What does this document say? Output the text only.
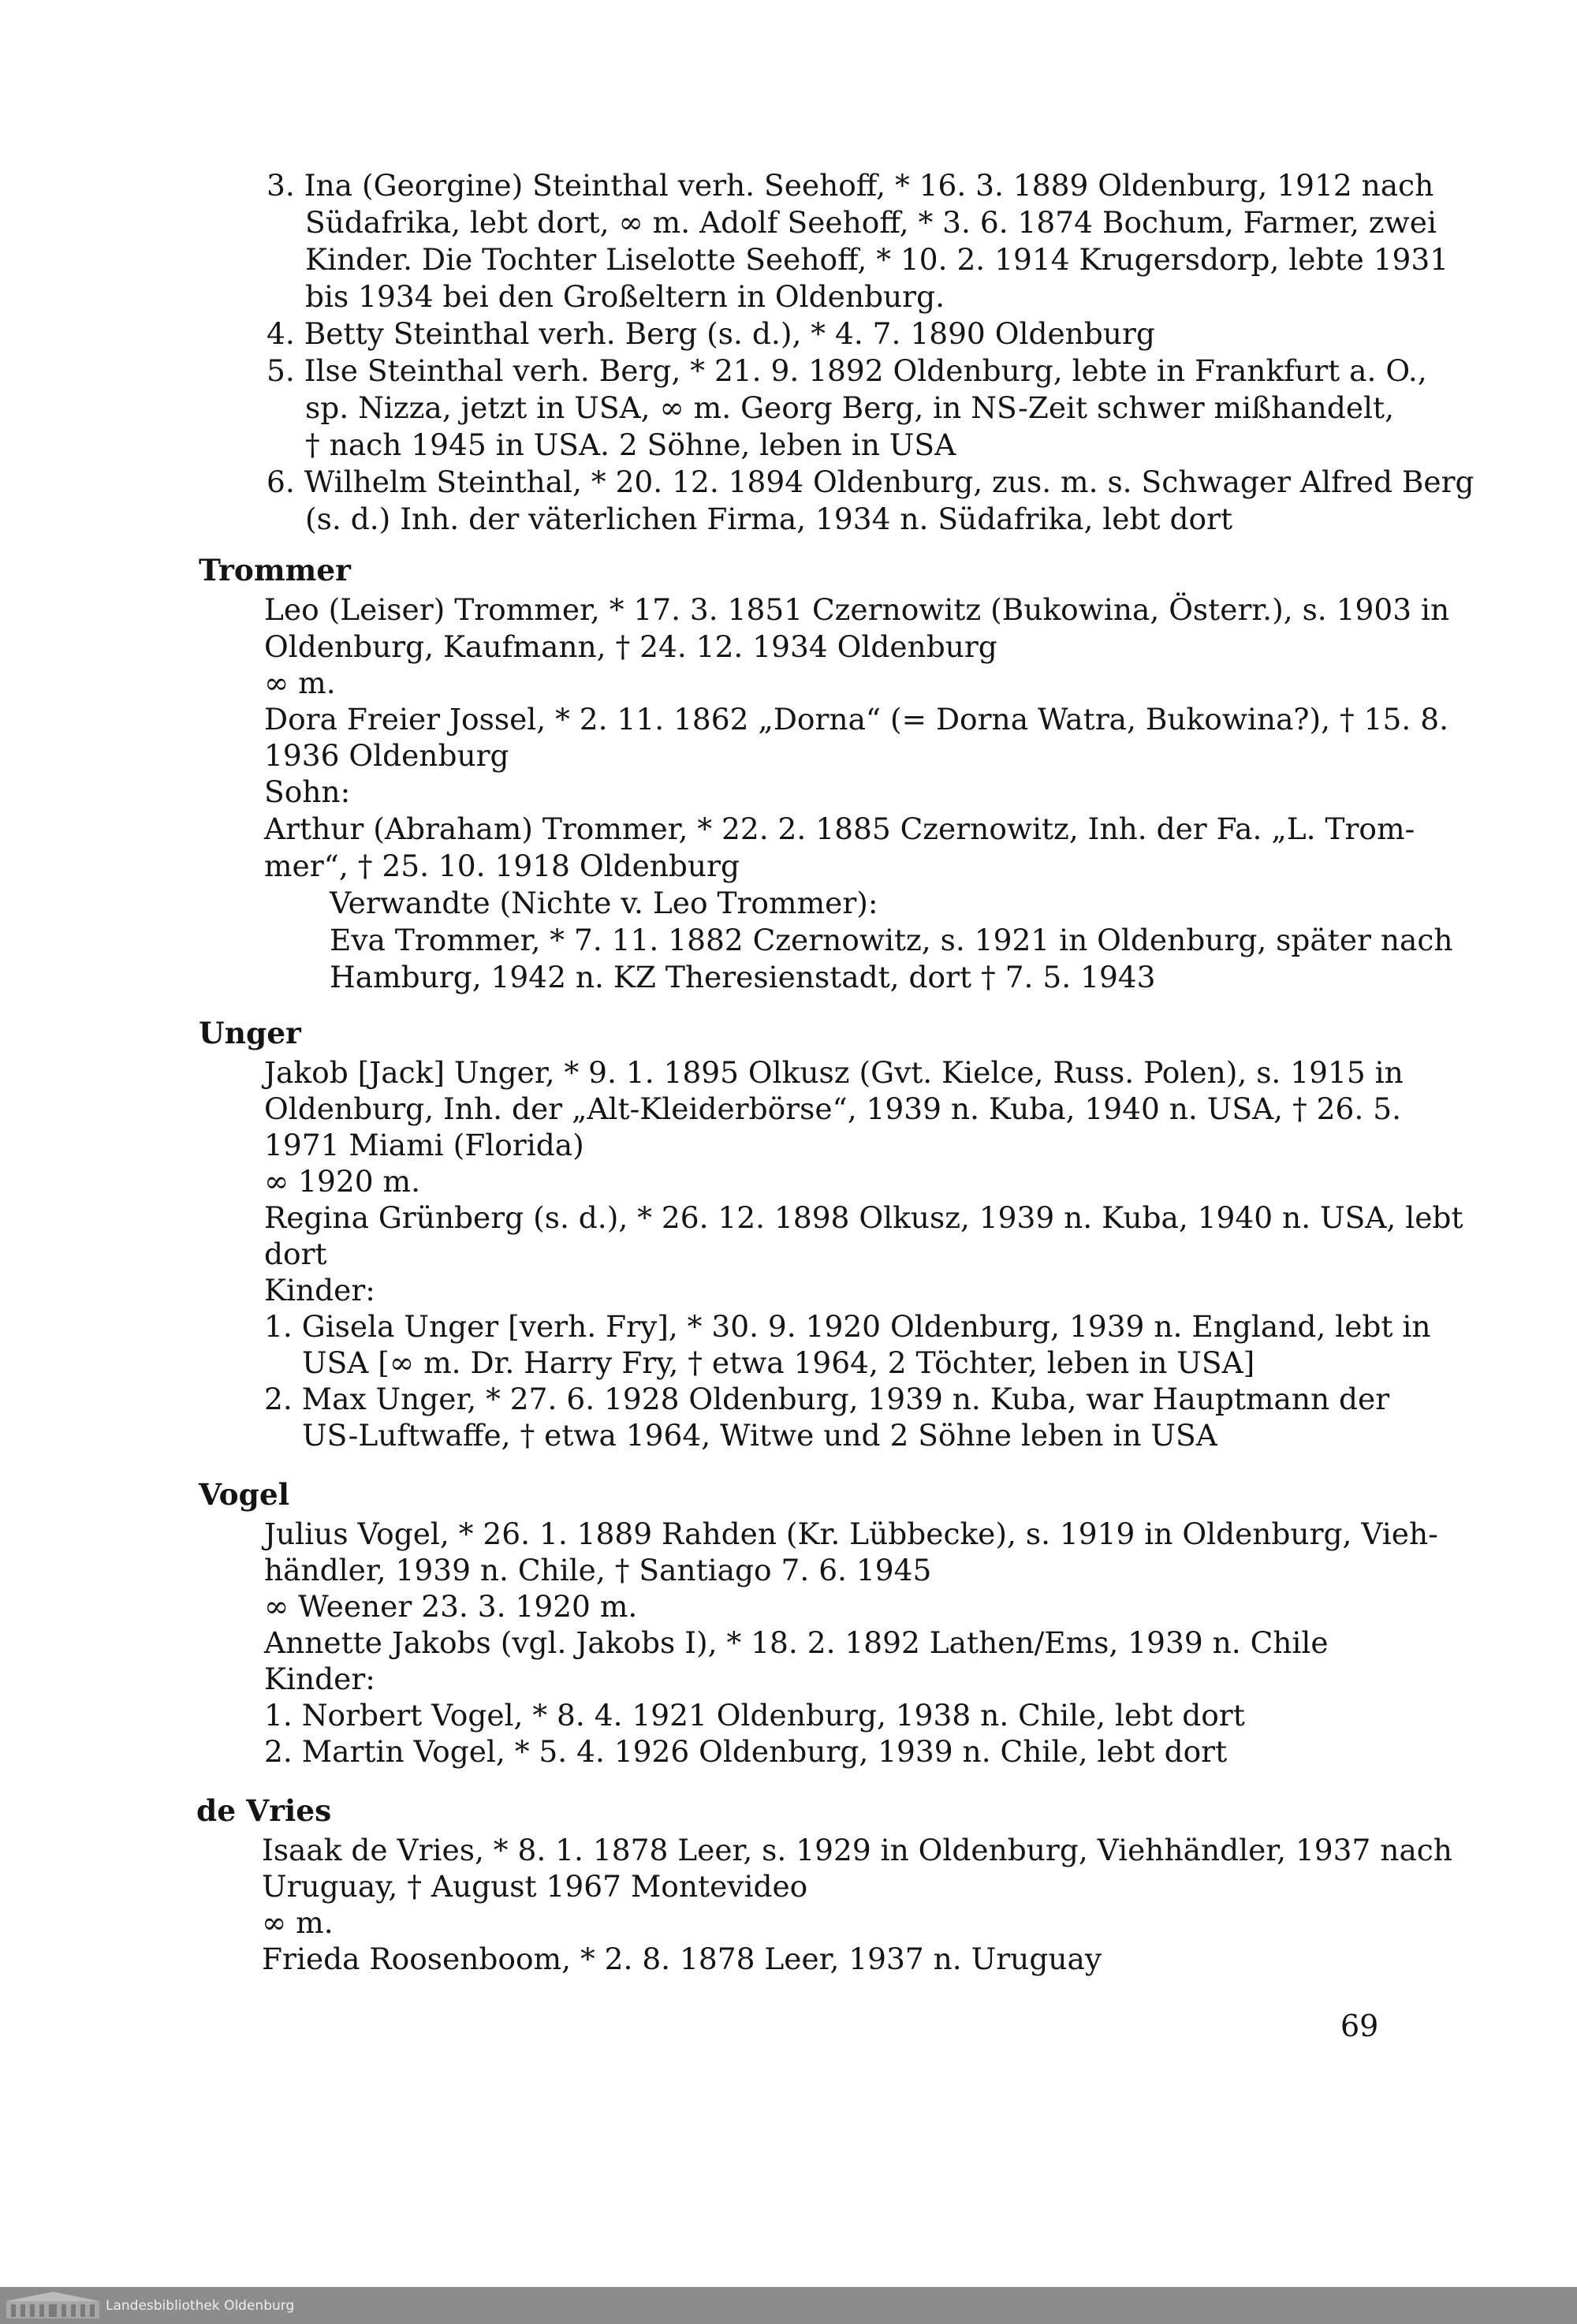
3. Ina (Georgine) Steinthal verh. Seehoff, * 16. 3. 1889 Oldenburg, 1912 nach
Südafrika, lebt dort, ∞ m. Adolf Seehoff, * 3. 6. 1874 Bochum, Farmer, zwei
Kinder. Die Tochter Liselotte Seehoff, * 10. 2. 1914 Krugersdorp, lebte 1931
bis 1934 bei den Großeltern in Oldenburg.
4. Betty Steinthal verh. Berg (s. d.), * 4. 7. 1890 Oldenburg
5. Ilse Steinthal verh. Berg, * 21. 9. 1892 Oldenburg, lebte in Frankfurt a. O.,
sp. Nizza, jetzt in USA, ∞ m. Georg Berg, in NS-Zeit schwer mißhandelt,
† nach 1945 in USA. 2 Söhne, leben in USA
6. Wilhelm Steinthal, * 20. 12. 1894 Oldenburg, zus. m. s. Schwager Alfred Berg
(s. d.) Inh. der väterlichen Firma, 1934 n. Südafrika, lebt dort
Trommer
Leo (Leiser) Trommer, * 17. 3. 1851 Czernowitz (Bukowina, Österr.), s. 1903 in
Oldenburg, Kaufmann, † 24. 12. 1934 Oldenburg
∞ m.
Dora Freier Jossel, * 2. 11. 1862 „Dorna“ (= Dorna Watra, Bukowina?), † 15. 8.
1936 Oldenburg
Sohn:
Arthur (Abraham) Trommer, * 22. 2. 1885 Czernowitz, Inh. der Fa. „L. Trom-
mer“, † 25. 10. 1918 Oldenburg
Verwandte (Nichte v. Leo Trommer):
Eva Trommer, * 7. 11. 1882 Czernowitz, s. 1921 in Oldenburg, später nach
Hamburg, 1942 n. KZ Theresienstadt, dort † 7. 5. 1943
Unger
Jakob [Jack] Unger, * 9. 1. 1895 Olkusz (Gvt. Kielce, Russ. Polen), s. 1915 in
Oldenburg, Inh. der „Alt-Kleiderbörse“, 1939 n. Kuba, 1940 n. USA, † 26. 5.
1971 Miami (Florida)
∞ 1920 m.
Regina Grünberg (s. d.), * 26. 12. 1898 Olkusz, 1939 n. Kuba, 1940 n. USA, lebt
dort
Kinder:
1. Gisela Unger [verh. Fry], * 30. 9. 1920 Oldenburg, 1939 n. England, lebt in
USA [∞ m. Dr. Harry Fry, † etwa 1964, 2 Töchter, leben in USA]
2. Max Unger, * 27. 6. 1928 Oldenburg, 1939 n. Kuba, war Hauptmann der
US-Luftwaffe, † etwa 1964, Witwe und 2 Söhne leben in USA
Vogel
Julius Vogel, * 26. 1. 1889 Rahden (Kr. Lübbecke), s. 1919 in Oldenburg, Vieh-
händler, 1939 n. Chile, † Santiago 7. 6. 1945
∞ Weener 23. 3. 1920 m.
Annette Jakobs (vgl. Jakobs I), * 18. 2. 1892 Lathen/Ems, 1939 n. Chile
Kinder:
1. Norbert Vogel, * 8. 4. 1921 Oldenburg, 1938 n. Chile, lebt dort
2. Martin Vogel, * 5. 4. 1926 Oldenburg, 1939 n. Chile, lebt dort
de Vries
Isaak de Vries, * 8. 1. 1878 Leer, s. 1929 in Oldenburg, Viehhändler, 1937 nach
Uruguay, † August 1967 Montevideo
∞ m.
Frieda Roosenboom, * 2. 8. 1878 Leer, 1937 n. Uruguay
69
Landesbibliothek Oldenburg
